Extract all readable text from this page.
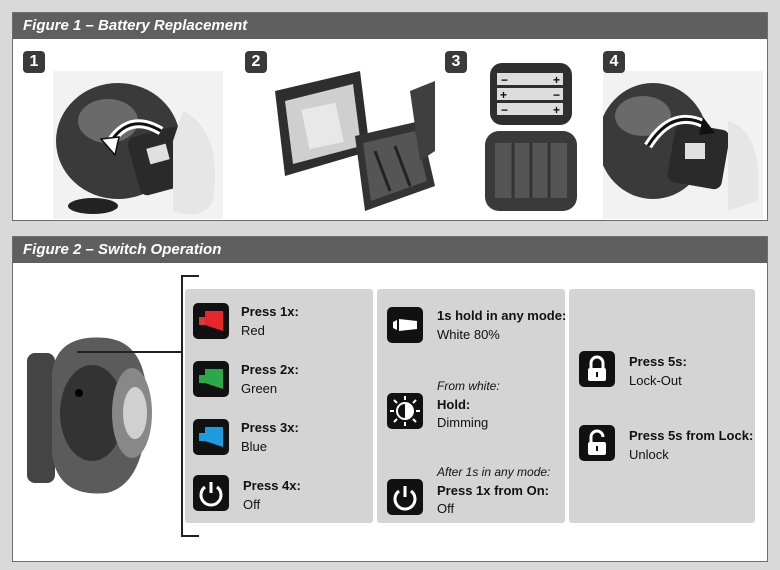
Figure 1 – Battery Replacement
1	2	3
−	+
+	−
−	+
4
Figure 2 – Switch Operation
Press 1x:
Red
Press 2x:
Green
Press 3x:
Blue
Press 4x:
Off
1s hold in any mode:
White 80%
From white:
Hold:
Dimming
After 1s in any mode:
Press 1x from On:
Off
Press 5s:
Lock-Out
Press 5s from Lock:
Unlock
